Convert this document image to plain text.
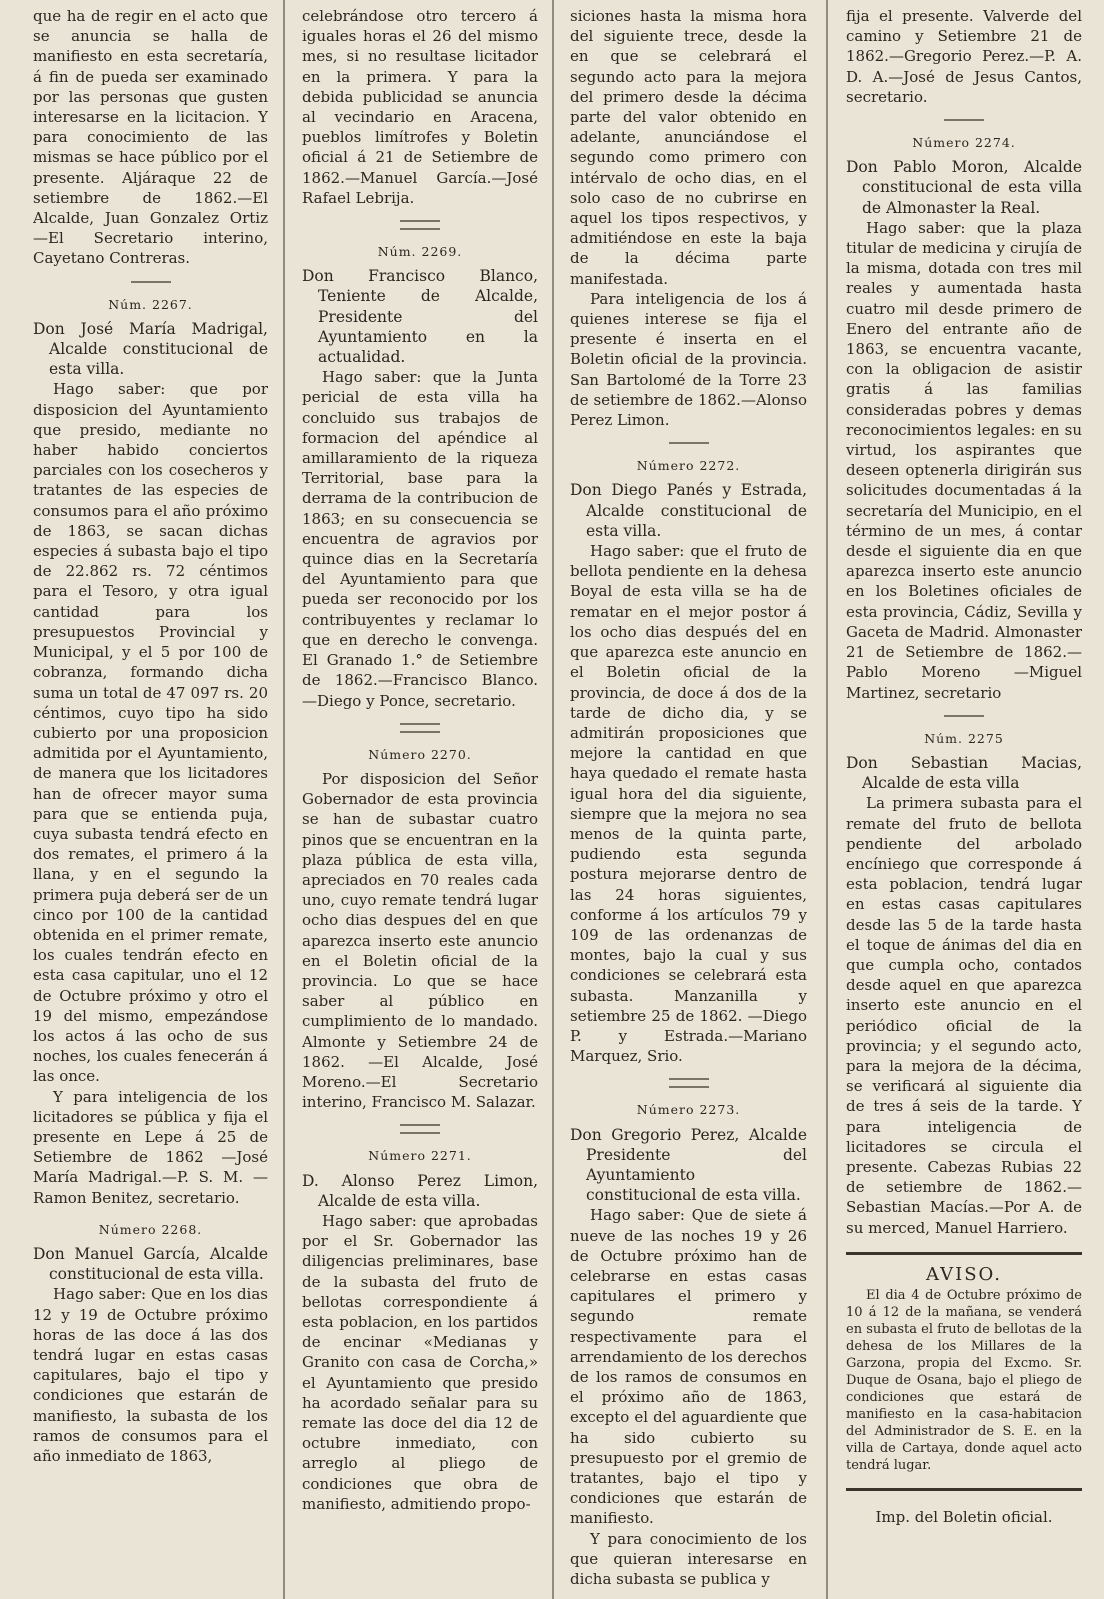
que ha de regir en el acto que se anuncia se halla de manifiesto en esta secretaría, á fin de pueda ser examinado por las personas que gusten interesarse en la licitacion. Y para conocimiento de las mismas se hace público por el presente. Aljáraque 22 de setiembre de 1862.—El Alcalde, Juan Gonzalez Ortiz —El Secretario interino, Cayetano Contreras.

Núm. 2267.

Don José María Madrigal, Alcalde constitucional de esta villa.

Hago saber: que por disposicion del Ayuntamiento que presido, mediante no haber habido conciertos parciales con los cosecheros y tratantes de las especies de consumos para el año próximo de 1863, se sacan dichas especies á subasta bajo el tipo de 22.862 rs. 72 céntimos para el Tesoro, y otra igual cantidad para los presupuestos Provincial y Municipal, y el 5 por 100 de cobranza, formando dicha suma un total de 47 097 rs. 20 céntimos, cuyo tipo ha sido cubierto por una proposicion admitida por el Ayuntamiento, de manera que los licitadores han de ofrecer mayor suma para que se entienda puja, cuya subasta tendrá efecto en dos remates, el primero á la llana, y en el segundo la primera puja deberá ser de un cinco por 100 de la cantidad obtenida en el primer remate, los cuales tendrán efecto en esta casa capitular, uno el 12 de Octubre próximo y otro el 19 del mismo, empezándose los actos á las ocho de sus noches, los cuales fenecerán á las once.

Y para inteligencia de los licitadores se pública y fija el presente en Lepe á 25 de Setiembre de 1862 —José María Madrigal.—P. S. M. —Ramon Benitez, secretario.

Número 2268.

Don Manuel García, Alcalde constitucional de esta villa.

Hago saber: Que en los dias 12 y 19 de Octubre próximo horas de las doce á las dos tendrá lugar en estas casas capitulares, bajo el tipo y condiciones que estarán de manifiesto, la subasta de los ramos de consumos para el año inmediato de 1863,

celebrándose otro tercero á iguales horas el 26 del mismo mes, si no resultase licitador en la primera. Y para la debida publicidad se anuncia al vecindario en Aracena, pueblos limítrofes y Boletin oficial á 21 de Setiembre de 1862.—Manuel García.—José Rafael Lebrija.

Núm. 2269.

Don Francisco Blanco, Teniente de Alcalde, Presidente del Ayuntamiento en la actualidad.

Hago saber: que la Junta pericial de esta villa ha concluido sus trabajos de formacion del apéndice al amillaramiento de la riqueza Territorial, base para la derrama de la contribucion de 1863; en su consecuencia se encuentra de agravios por quince dias en la Secretaría del Ayuntamiento para que pueda ser reconocido por los contribuyentes y reclamar lo que en derecho le convenga. El Granado 1.° de Setiembre de 1862.—Francisco Blanco. —Diego y Ponce, secretario.

Número 2270.

Por disposicion del Señor Gobernador de esta provincia se han de subastar cuatro pinos que se encuentran en la plaza pública de esta villa, apreciados en 70 reales cada uno, cuyo remate tendrá lugar ocho dias despues del en que aparezca inserto este anuncio en el Boletin oficial de la provincia. Lo que se hace saber al público en cumplimiento de lo mandado. Almonte y Setiembre 24 de 1862. —El Alcalde, José Moreno.—El Secretario interino, Francisco M. Salazar.

Número 2271.

D. Alonso Perez Limon, Alcalde de esta villa.

Hago saber: que aprobadas por el Sr. Gobernador las diligencias preliminares, base de la subasta del fruto de bellotas correspondiente á esta poblacion, en los partidos de encinar «Medianas y Granito con casa de Corcha,» el Ayuntamiento que presido ha acordado señalar para su remate las doce del dia 12 de octubre inmediato, con arreglo al pliego de condiciones que obra de manifiesto, admitiendo propo-

siciones hasta la misma hora del siguiente trece, desde la en que se celebrará el segundo acto para la mejora del primero desde la décima parte del valor obtenido en adelante, anunciándose el segundo como primero con intérvalo de ocho dias, en el solo caso de no cubrirse en aquel los tipos respectivos, y admitiéndose en este la baja de la décima parte manifestada.

Para inteligencia de los á quienes interese se fija el presente é inserta en el Boletin oficial de la provincia. San Bartolomé de la Torre 23 de setiembre de 1862.—Alonso Perez Limon.

Número 2272.

Don Diego Panés y Estrada, Alcalde constitucional de esta villa.

Hago saber: que el fruto de bellota pendiente en la dehesa Boyal de esta villa se ha de rematar en el mejor postor á los ocho dias después del en que aparezca este anuncio en el Boletin oficial de la provincia, de doce á dos de la tarde de dicho dia, y se admitirán proposiciones que mejore la cantidad en que haya quedado el remate hasta igual hora del dia siguiente, siempre que la mejora no sea menos de la quinta parte, pudiendo esta segunda postura mejorarse dentro de las 24 horas siguientes, conforme á los artículos 79 y 109 de las ordenanzas de montes, bajo la cual y sus condiciones se celebrará esta subasta. Manzanilla y setiembre 25 de 1862. —Diego P. y Estrada.—Mariano Marquez, Srio.

Número 2273.

Don Gregorio Perez, Alcalde Presidente del Ayuntamiento constitucional de esta villa.

Hago saber: Que de siete á nueve de las noches 19 y 26 de Octubre próximo han de celebrarse en estas casas capitulares el primero y segundo remate respectivamente para el arrendamiento de los derechos de los ramos de consumos en el próximo año de 1863, excepto el del aguardiente que ha sido cubierto su presupuesto por el gremio de tratantes, bajo el tipo y condiciones que estarán de manifiesto.

Y para conocimiento de los que quieran interesarse en dicha subasta se publica y

fija el presente. Valverde del camino y Setiembre 21 de 1862.—Gregorio Perez.—P. A. D. A.—José de Jesus Cantos, secretario.

Número 2274.

Don Pablo Moron, Alcalde constitucional de esta villa de Almonaster la Real.

Hago saber: que la plaza titular de medicina y cirujía de la misma, dotada con tres mil reales y aumentada hasta cuatro mil desde primero de Enero del entrante año de 1863, se encuentra vacante, con la obligacion de asistir gratis á las familias consideradas pobres y demas reconocimientos legales: en su virtud, los aspirantes que deseen optenerla dirigirán sus solicitudes documentadas á la secretaría del Municipio, en el término de un mes, á contar desde el siguiente dia en que aparezca inserto este anuncio en los Boletines oficiales de esta provincia, Cádiz, Sevilla y Gaceta de Madrid. Almonaster 21 de Setiembre de 1862.—Pablo Moreno —Miguel Martinez, secretario

Núm. 2275

Don Sebastian Macias, Alcalde de esta villa

La primera subasta para el remate del fruto de bellota pendiente del arbolado encíniego que corresponde á esta poblacion, tendrá lugar en estas casas capitulares desde las 5 de la tarde hasta el toque de ánimas del dia en que cumpla ocho, contados desde aquel en que aparezca inserto este anuncio en el periódico oficial de la provincia; y el segundo acto, para la mejora de la décima, se verificará al siguiente dia de tres á seis de la tarde. Y para inteligencia de licitadores se circula el presente. Cabezas Rubias 22 de setiembre de 1862.—Sebastian Macías.—Por A. de su merced, Manuel Harriero.

AVISO.

El dia 4 de Octubre próximo de 10 á 12 de la mañana, se venderá en subasta el fruto de bellotas de la dehesa de los Millares de la Garzona, propia del Excmo. Sr. Duque de Osana, bajo el pliego de condiciones que estará de manifiesto en la casa-habitacion del Administrador de S. E. en la villa de Cartaya, donde aquel acto tendrá lugar.

Imp. del Boletin oficial.
